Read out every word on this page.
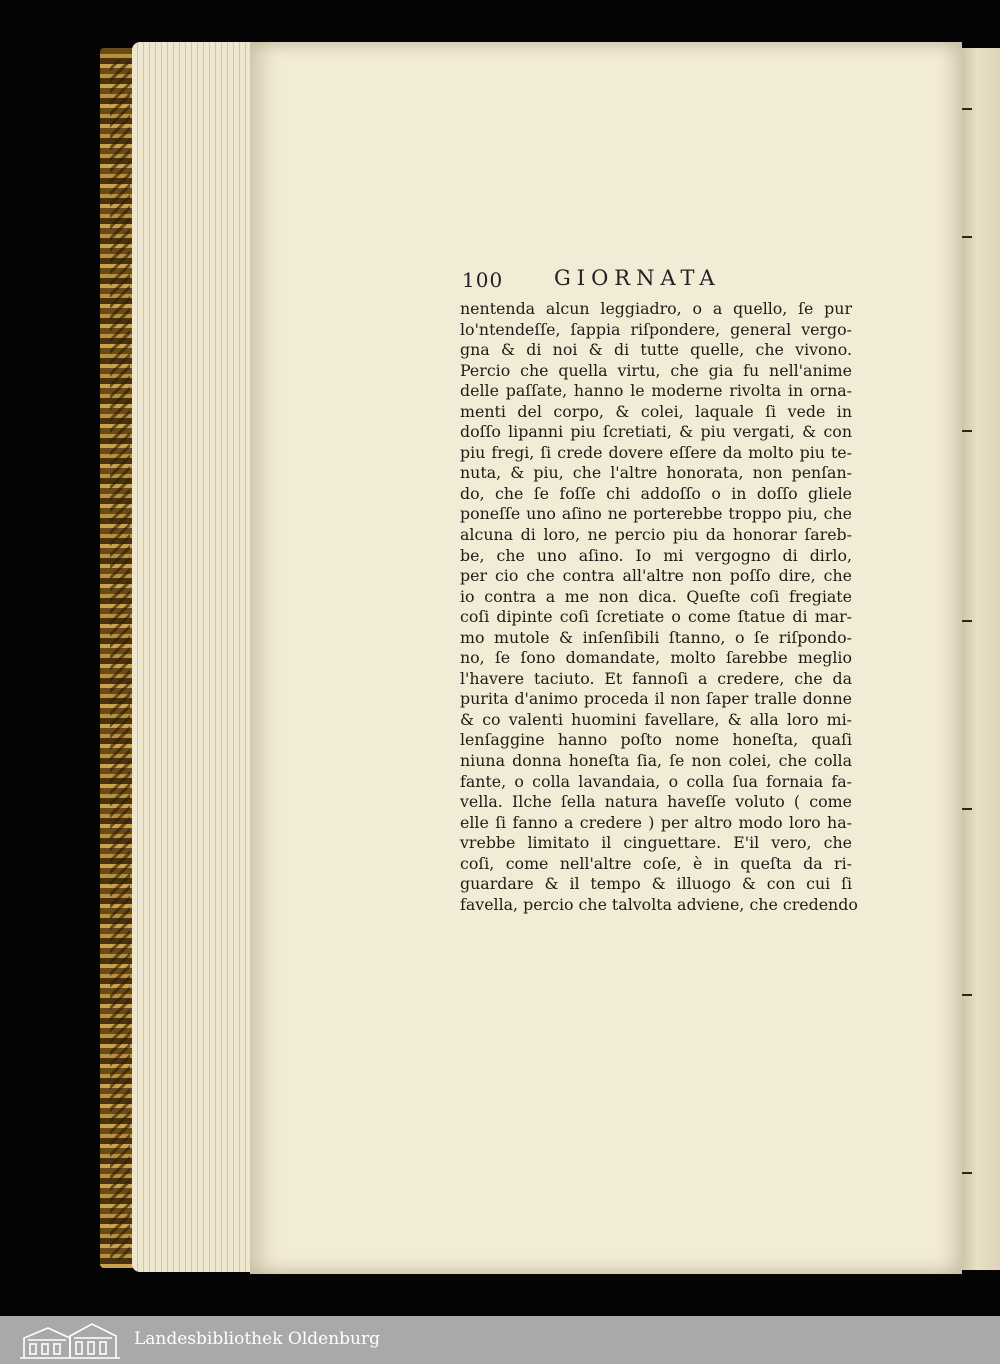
100 GIORNATA
nentenda alcun leggiadro, o a quello, ſe pur
lo'ntendeſſe, ſappia riſpondere, general vergo-
gna & di noi & di tutte quelle, che vivono.
Percio che quella virtu, che gia fu nell'anime
delle paſſate, hanno le moderne rivolta in orna-
menti del corpo, & colei, laquale ſi vede in
doſſo lipanni piu ſcretiati, & piu vergati, & con
piu fregi, ſi crede dovere eſſere da molto piu te-
nuta, & piu, che l'altre honorata, non penſan-
do, che ſe foſſe chi addoſſo o in doſſo gliele
poneſſe uno aſino ne porterebbe troppo piu, che
alcuna di loro, ne percio piu da honorar ſareb-
be, che uno aſino. Io mi vergogno di dirlo,
per cio che contra all'altre non poſſo dire, che
io contra a me non dica. Queſte coſi fregiate
coſi dipinte coſi ſcretiate o come ſtatue di mar-
mo mutole & inſenſibili ſtanno, o ſe riſpondo-
no, ſe ſono domandate, molto ſarebbe meglio
l'havere taciuto. Et fannoſi a credere, che da
purita d'animo proceda il non ſaper tralle donne
& co valenti huomini favellare, & alla loro mi-
lenſaggine hanno poſto nome honeſta, quaſi
niuna donna honeſta ſia, ſe non colei, che colla
fante, o colla lavandaia, o colla ſua fornaia fa-
vella. Ilche ſella natura haveſſe voluto ( come
elle ſi fanno a credere ) per altro modo loro ha-
vrebbe limitato il cinguettare. E'il vero, che
coſi, come nell'altre coſe, è in queſta da ri-
guardare & il tempo & illuogo & con cui ſi
favella, percio che talvolta adviene, che credendo
Landesbibliothek Oldenburg
